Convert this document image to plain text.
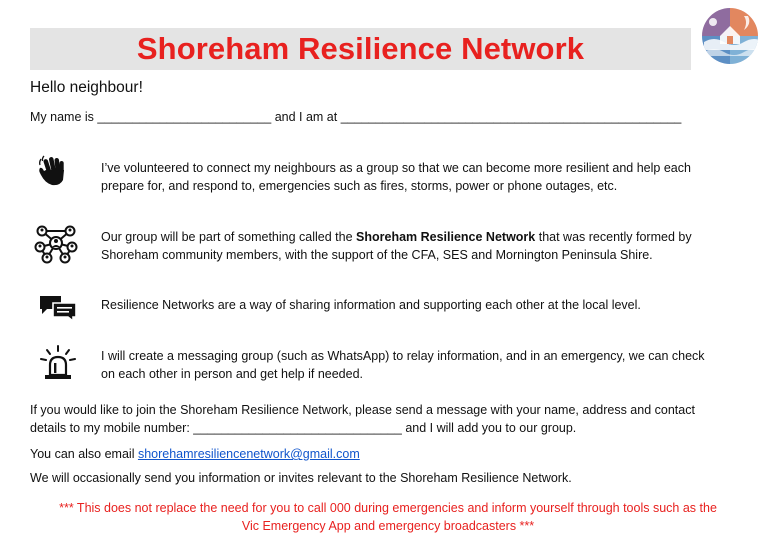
Shoreham Resilience Network
Hello neighbour!
My name is _________________________ and I am at _________________________________________________
I’ve volunteered to connect my neighbours as a group so that we can become more resilient and help each
prepare for, and respond to, emergencies such as fires, storms, power or phone outages, etc.
Our group will be part of something called the Shoreham Resilience Network that was recently formed by
Shoreham community members, with the support of the CFA, SES and Mornington Peninsula Shire.
Resilience Networks are a way of sharing information and supporting each other at the local level.
I will create a messaging group (such as WhatsApp) to relay information, and in an emergency, we can check
on each other in person and get help if needed.
If you would like to join the Shoreham Resilience Network, please send a message with your name, address and contact
details to my mobile number: ______________________________ and I will add you to our group.
You can also email shorehamresiliencenetwork@gmail.com
We will occasionally send you information or invites relevant to the Shoreham Resilience Network.
*** This does not replace the need for you to call 000 during emergencies and inform yourself through tools such as the
Vic Emergency App and emergency broadcasters ***
